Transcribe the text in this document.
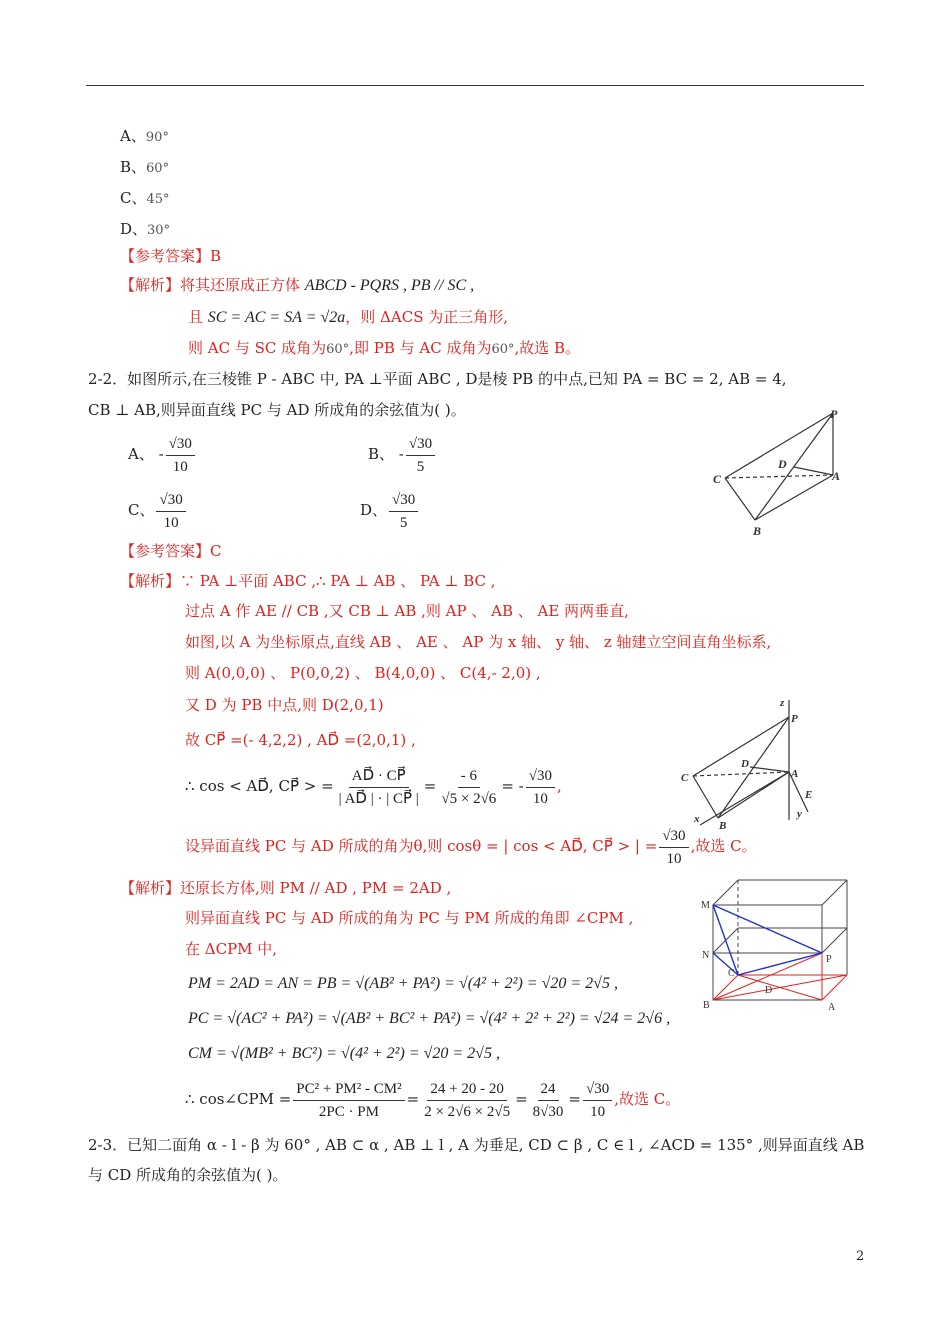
A、90°
B、60°
C、45°
D、30°
【参考答案】B
【解析】将其还原成正方体 ABCD - PQRS , PB // SC ,
且 SC = AC = SA = √2a，则 ΔACS 为正三角形,
则 AC 与 SC 成角为60°,即 PB 与 AC 成角为60°,故选 B。
2-2．如图所示,在三棱锥 P - ABC 中, PA ⊥平面 ABC , D是棱 PB 的中点,已知 PA = BC = 2, AB = 4,
CB ⊥ AB,则异面直线 PC 与 AD 所成角的余弦值为( )。
A、 - $\frac{√30}{10}$	B、 - $\frac{√30}{5}$
C、 $\frac{√30}{10}$	D、 $\frac{√30}{5}$
P
D
A
C
B
z
P
D
A
C
E
y
x
B
M
N
C
P
D
B	A
【参考答案】C
【解析】∵ PA ⊥平面 ABC ,∴ PA ⊥ AB 、 PA ⊥ BC ,
过点 A 作 AE // CB ,又 CB ⊥ AB ,则 AP 、 AB 、 AE 两两垂直,
如图,以 A 为坐标原点,直线 AB 、 AE 、 AP 为 x 轴、 y 轴、 z 轴建立空间直角坐标系,
则 A(0,0,0) 、 P(0,0,2) 、 B(4,0,0) 、 C(4,- 2,0) ,
又 D 为 PB 中点,则 D(2,0,1)
故 CP⃗ =(- 4,2,2) , AD⃗ =(2,0,1) ,
∴ cos < AD⃗, CP⃗ > = $\frac{AD⃗ \cdot CP⃗}{| AD⃗ | \cdot | CP⃗ |} = \frac{- 6}{√5 \times 2√6}$ = - $\frac{√30}{10}$ ,
设异面直线 PC 与 AD 所成的角为θ,则 cosθ = | cos < AD⃗, CP⃗ > | = $\frac{√30}{10}$ ,故选 C。
【解析】还原长方体,则 PM // AD , PM = 2AD ,
则异面直线 PC 与 AD 所成的角为 PC 与 PM 所成的角即 ∠CPM ,
在 ΔCPM 中,
PM = 2AD = AN = PB = √(AB² + PA²) = √(4² + 2²) = √20 = 2√5 ,
PC = √(AC² + PA²) = √(AB² + BC² + PA²) = √(4² + 2² + 2²) = √24 = 2√6 ,
CM = √(MB² + BC²) = √(4² + 2²) = √20 = 2√5 ,
∴ cos∠CPM = $\frac{\text{PC² + PM² - CM²}}{2PC \cdot PM} = \frac{24 + 20 - 20}{2 \times 2√6 \times 2√5} = \frac{24}{8√30} = \frac{√30}{10}$ ,故选 C。
2-3．已知二面角 α - l - β 为 60° , AB ⊂ α , AB ⊥ l , A 为垂足, CD ⊂ β , C ∈ l , ∠ACD = 135° ,则异面直线 AB
与 CD 所成角的余弦值为( )。
2
